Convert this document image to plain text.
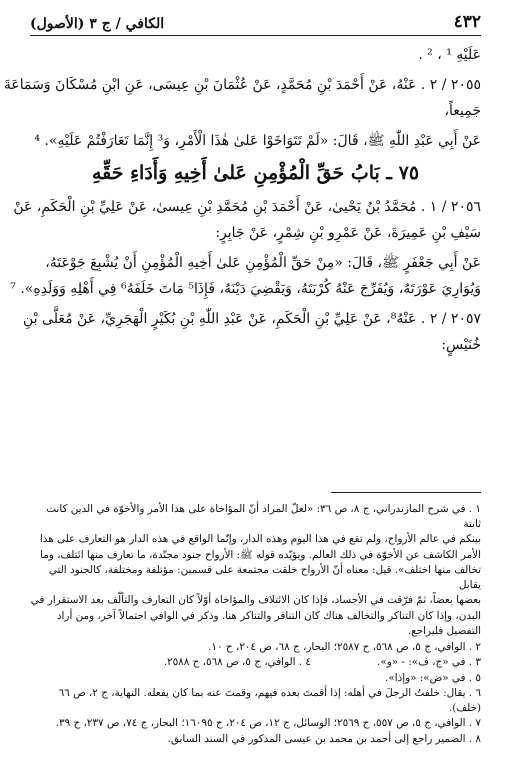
٤٣٢
الكافي / ج ٣ (الأصول)

عَلَيْهِ ¹ ، ² .

٢٠٥٥ / ٢ . عَنْهُ، عَنْ أَحْمَدَ بْنِ مُحَمَّدٍ، عَنْ عُثْمَانَ بْنِ عِيسَى، عَنِ ابْنِ مُسْكَانَ وَسَمَاعَةَ

جَمِيعاً،

عَنْ أَبِي عَبْدِ اللّٰهِ ﷺ، قَالَ: «لَمْ تَتَوَاخَوْا عَلىٰ هٰذَا الْأَمْرِ، وَ³ إِنَّمَا تَعَارَفْتُمْ عَلَيْهِ». ⁴

٧٥ ـ بَابُ حَقِّ الْمُؤْمِنِ عَلىٰ أَخِيهِ وَأَدَاءِ حَقِّهِ

٢٠٥٦ / ١ . مُحَمَّدُ بْنُ يَحْيىٰ، عَنْ أَحْمَدَ بْنِ مُحَمَّدِ بْنِ عِيسىٰ، عَنْ عَلِيِّ بْنِ الْحَكَمِ، عَنْ

سَيْفِ بْنِ عَمِيرَةَ، عَنْ عَمْرِو بْنِ شِمْرٍ، عَنْ جَابِرٍ:

عَنْ أَبِي جَعْفَرٍ ﷺ، قَالَ: «مِنْ حَقِّ الْمُؤْمِنِ عَلىٰ أَخِيهِ الْمُؤْمِنِ أَنْ يُشْبِعَ جَوْعَتَهُ،

وَيُوَارِيَ عَوْرَتَهُ، وَيُفَرِّجَ عَنْهُ كُرْبَتَهُ، وَيَقْضِيَ دَيْنَهُ، فَإِذَا⁵ مَاتَ خَلَفَهُ⁶ فِي أَهْلِهِ وَوَلَدِهِ». ⁷

٢٠٥٧ / ٢ . عَنْهُ⁸، عَنْ عَلِيِّ بْنِ الْحَكَمِ، عَنْ عَبْدِ اللّٰهِ بْنِ بُكَيْرٍ الْهَجَرِيِّ، عَنْ مُعَلَّى بْنِ

خُنَيْسٍ:

١ . في شرح المازندراني، ج ٨، ص ٣٦: «لعلّ المراد أنّ المؤاخاة على هذا الأمر والأخوّة في الدين كانت ثابتة

بينكم في عالم الأرواح، ولم تقع في هذا اليوم وهذه الدار، وإنّما الواقع في هذه الدار هو التعارف على هذا

الأمر الكاشف عن الأخوّة في ذلك العالم. ويؤيّده قوله ﷺ: الأرواح جنود مجنّدة، ما تعارف منها ائتلف، وما

تخالف منها اختلف». قيل: معناه أنّ الأرواح خلقت مجتمعة على قسمين: مؤتلفة ومختلفة، كالجنود التي يقابل

بعضها بعضاً، ثمّ فرّقت في الأجساد، فإذا كان الائتلاف والمؤاخاة أوّلاً كان التعارف والتألّف بعد الاستقرار في

البدن، وإذا كان التناكر والتخالف هناك كان التنافر والتناكر هنا. وذكر في الوافي احتمالاً آخر، ومن أراد

التفصيل فليراجع.

٢ . الوافي، ج ٥، ص ٥٦٨، ح ٢٥٨٧؛ البحار، ج ٦٨، ص ٢٠٤، ح ١٠.

٣ . في «ج، ف»: - «و».                    ٤ . الوافي، ج ٥، ص ٥٦٨، ح ٢٥٨٨.

٥ . في «ض»: «وإذا».

٦ . يقال: خلفتُ الرجلَ في أهله: إذا أقمتَ بعده فيهم، وقمتَ عنه بما كان يفعله. النهاية، ج ٢، ص ٦٦ (خلف).

٧ . الوافي، ج ٥، ص ٥٥٧، ح ٢٥٦٩؛ الوسائل، ج ١٢، ص ٢٠٤، ح ١٦٠٩٥؛ البحار، ج ٧٤، ص ٢٣٧، ح ٣٩.

٨ . الضمير راجع إلى أحمد بن محمد بن عيسى المذكور في السند السابق.
